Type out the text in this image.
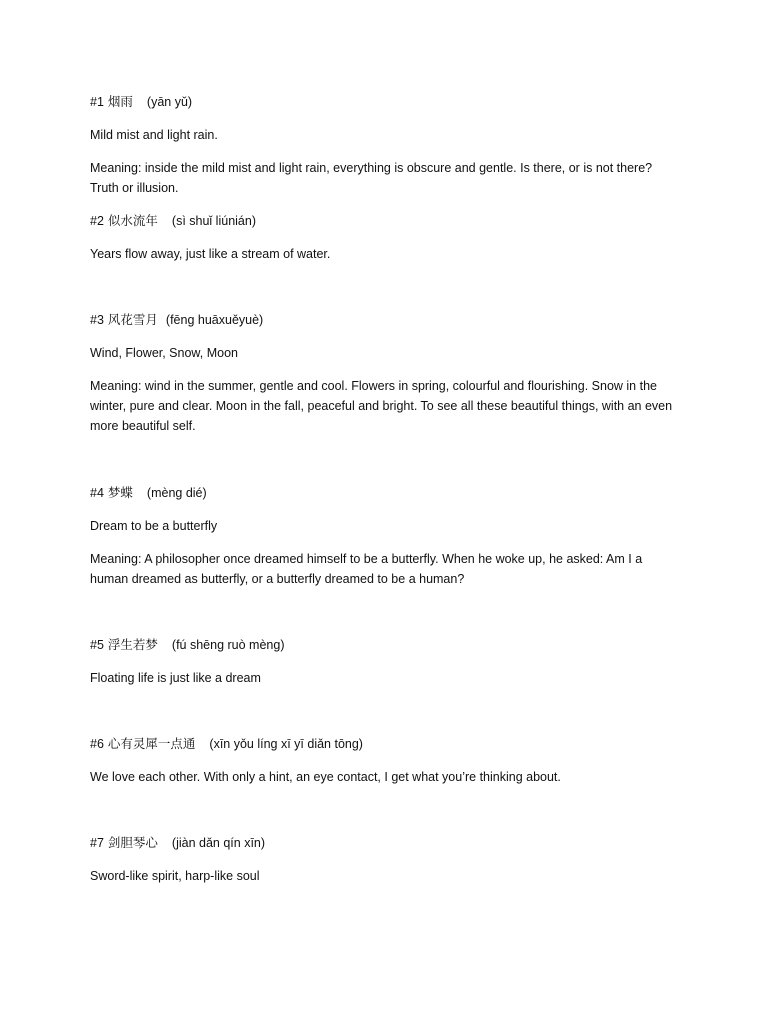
#1 烟雨 (yān yǔ)
Mild mist and light rain.
Meaning: inside the mild mist and light rain, everything is obscure and gentle. Is there, or is not there? Truth or illusion.
#2 似水流年 (sì shuǐ liúnián)
Years flow away, just like a stream of water.
#3 风花雪月 (fēng huāxuěyuè)
Wind, Flower, Snow, Moon
Meaning: wind in the summer, gentle and cool. Flowers in spring, colourful and flourishing. Snow in the winter, pure and clear. Moon in the fall, peaceful and bright. To see all these beautiful things, with an even more beautiful self.
#4 梦蝶 (mèng dié)
Dream to be a butterfly
Meaning: A philosopher once dreamed himself to be a butterfly. When he woke up, he asked: Am I a human dreamed as butterfly, or a butterfly dreamed to be a human?
#5 浮生若梦 (fú shēng ruò mèng)
Floating life is just like a dream
#6 心有灵犀一点通 (xīn yǒu líng xī yī diǎn tōng)
We love each other. With only a hint, an eye contact, I get what you’re thinking about.
#7 剑胆琴心 (jiàn dǎn qín xīn)
Sword-like spirit, harp-like soul
